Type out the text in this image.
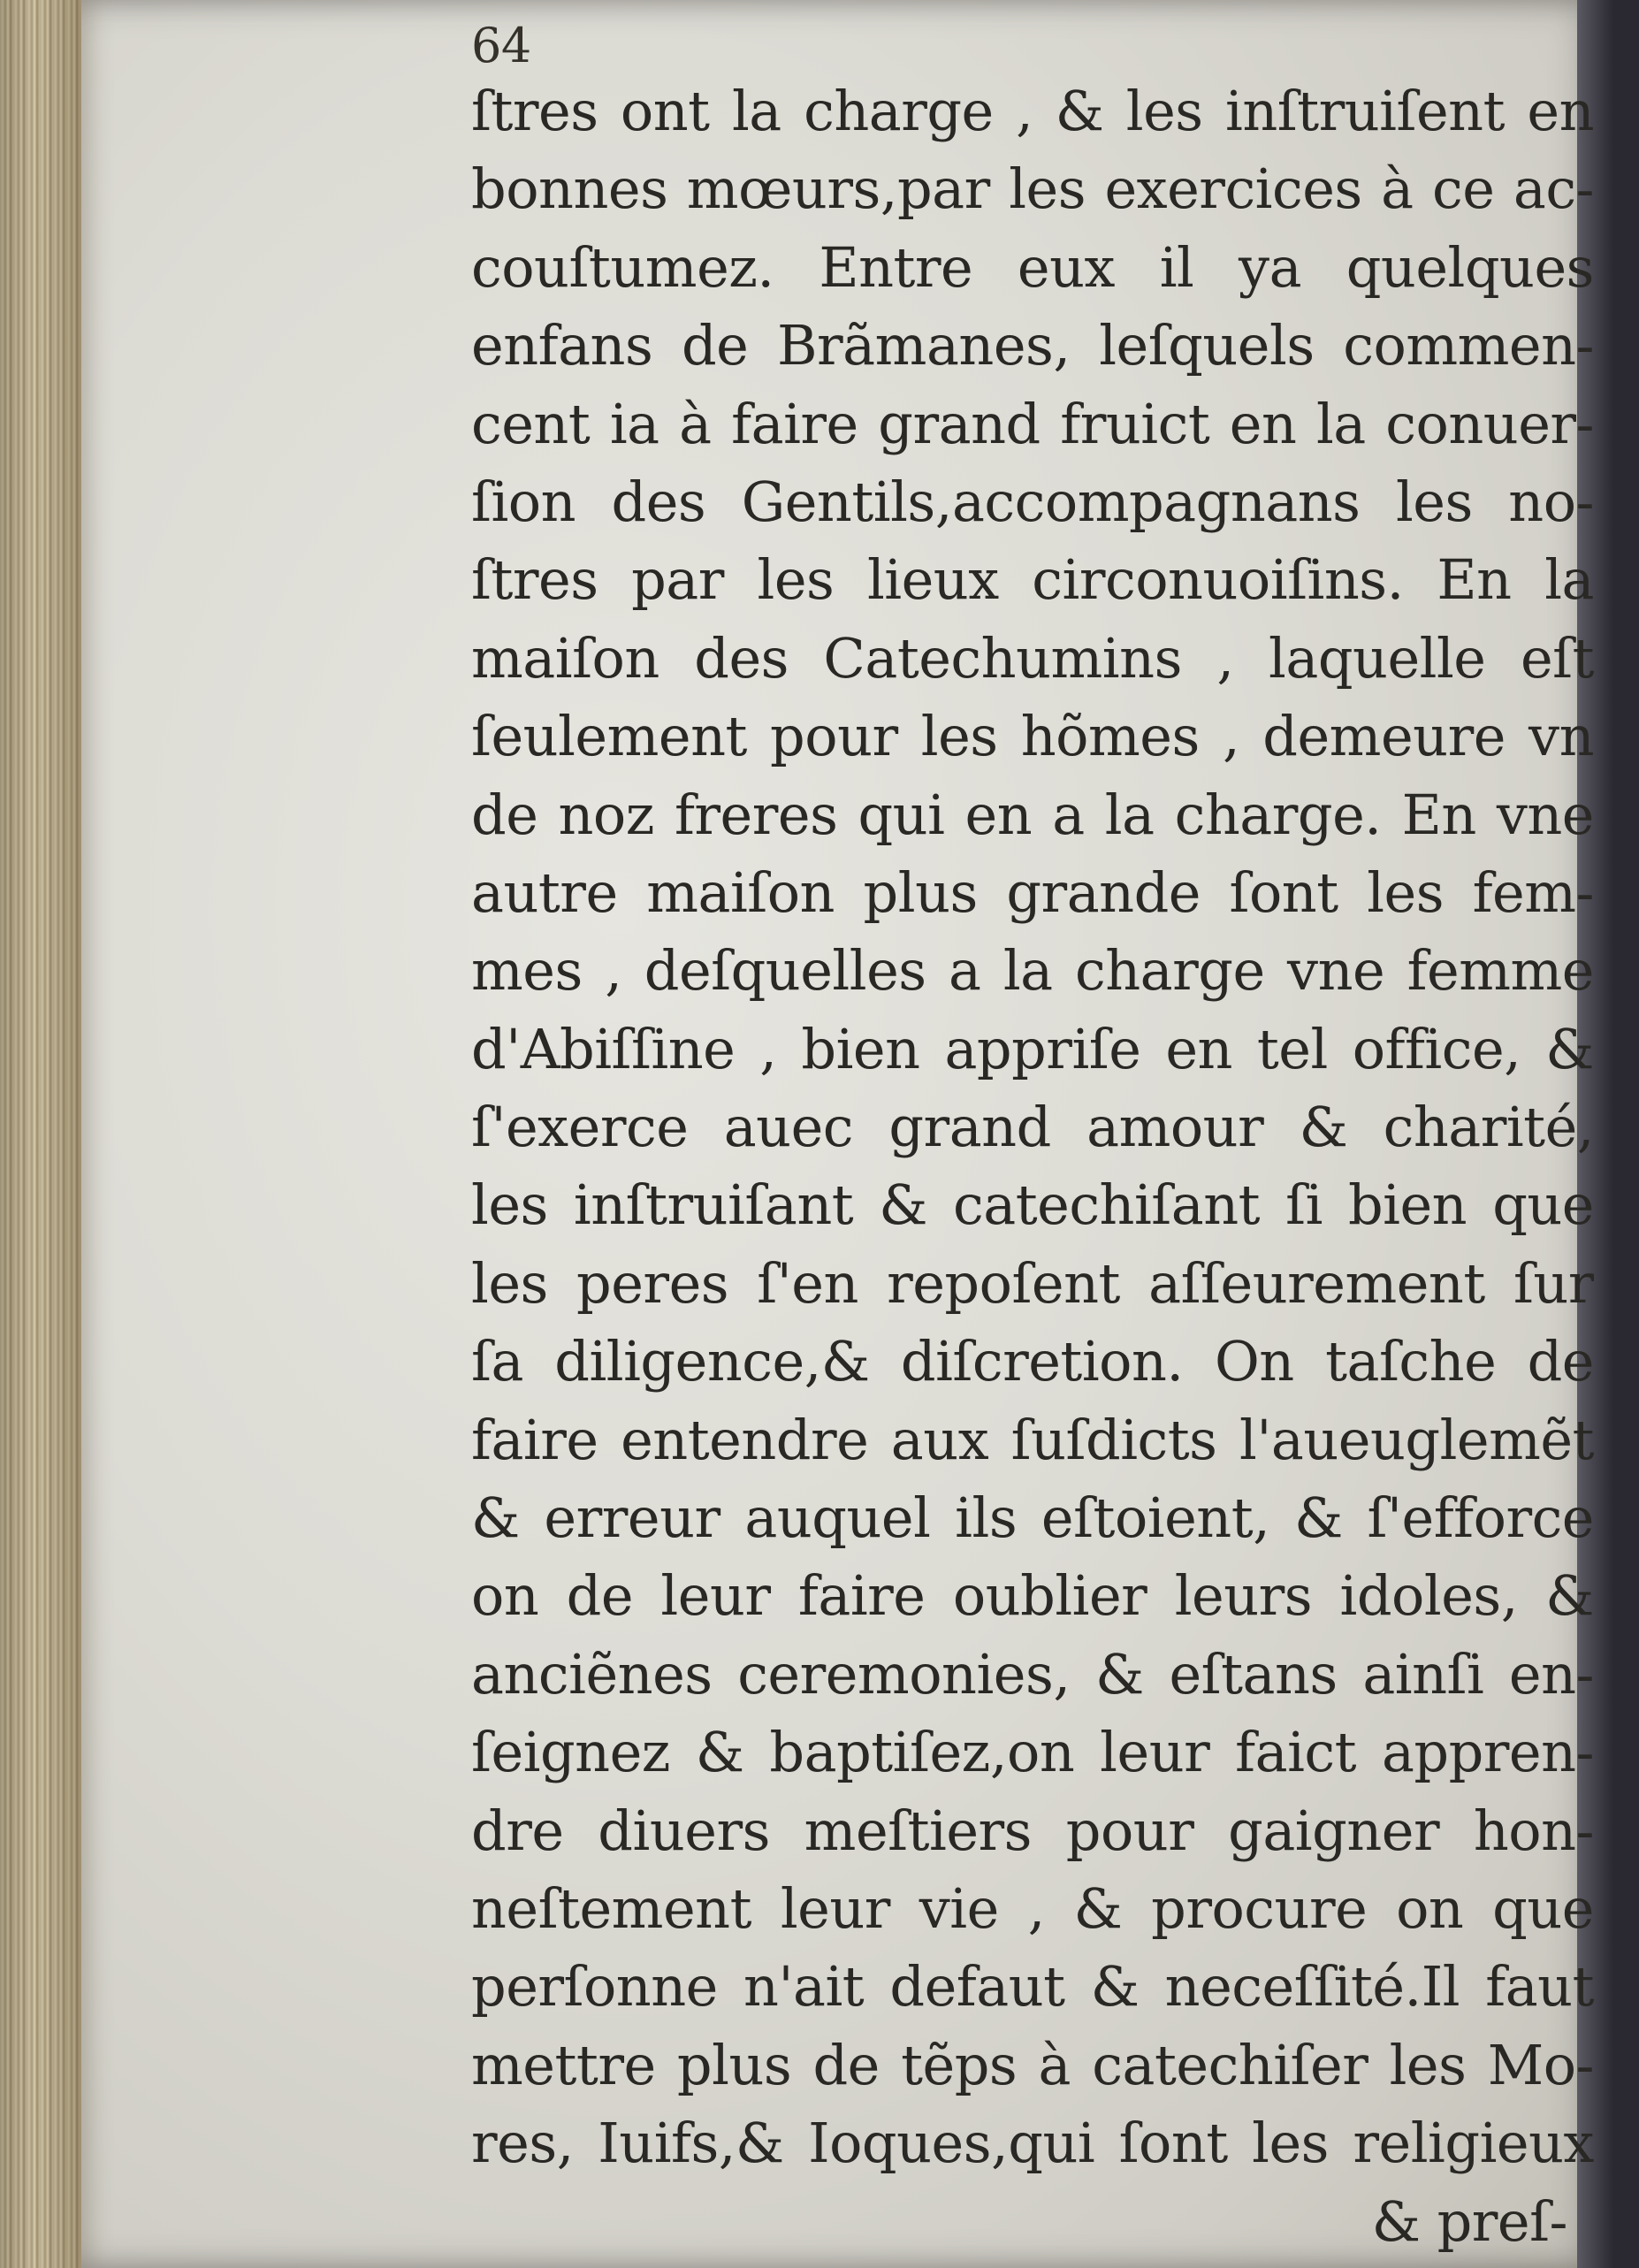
64
ſtres ont la charge , & les inſtruiſent en
bonnes mœurs,par les exercices à ce ac-
couſtumez. Entre eux il ya quelques
enfans de Brãmanes, leſquels commen-
cent ia à faire grand fruict en la conuer-
ſion des Gentils,accompagnans les no-
ſtres par les lieux circonuoiſins. En la
maiſon des Catechumins , laquelle eſt
ſeulement pour les hõmes , demeure vn
de noz freres qui en a la charge. En vne
autre maiſon plus grande ſont les fem-
mes , deſquelles a la charge vne femme
d'Abiſſine , bien appriſe en tel office, &
ſ'exerce auec grand amour & charité,
les inſtruiſant & catechiſant ſi bien que
les peres ſ'en repoſent aſſeurement ſur
ſa diligence,& diſcretion. On taſche de
faire entendre aux ſuſdicts l'aueuglemẽt
& erreur auquel ils eſtoient, & ſ'efforce
on de leur faire oublier leurs idoles, &
anciẽnes ceremonies, & eſtans ainſi en-
ſeignez & baptiſez,on leur faict appren-
dre diuers meſtiers pour gaigner hon-
neſtement leur vie , & procure on que
perſonne n'ait defaut & neceſſité.Il faut
mettre plus de tẽps à catechiſer les Mo-
res, Iuifs,& Ioques,qui ſont les religieux
& preſ-
